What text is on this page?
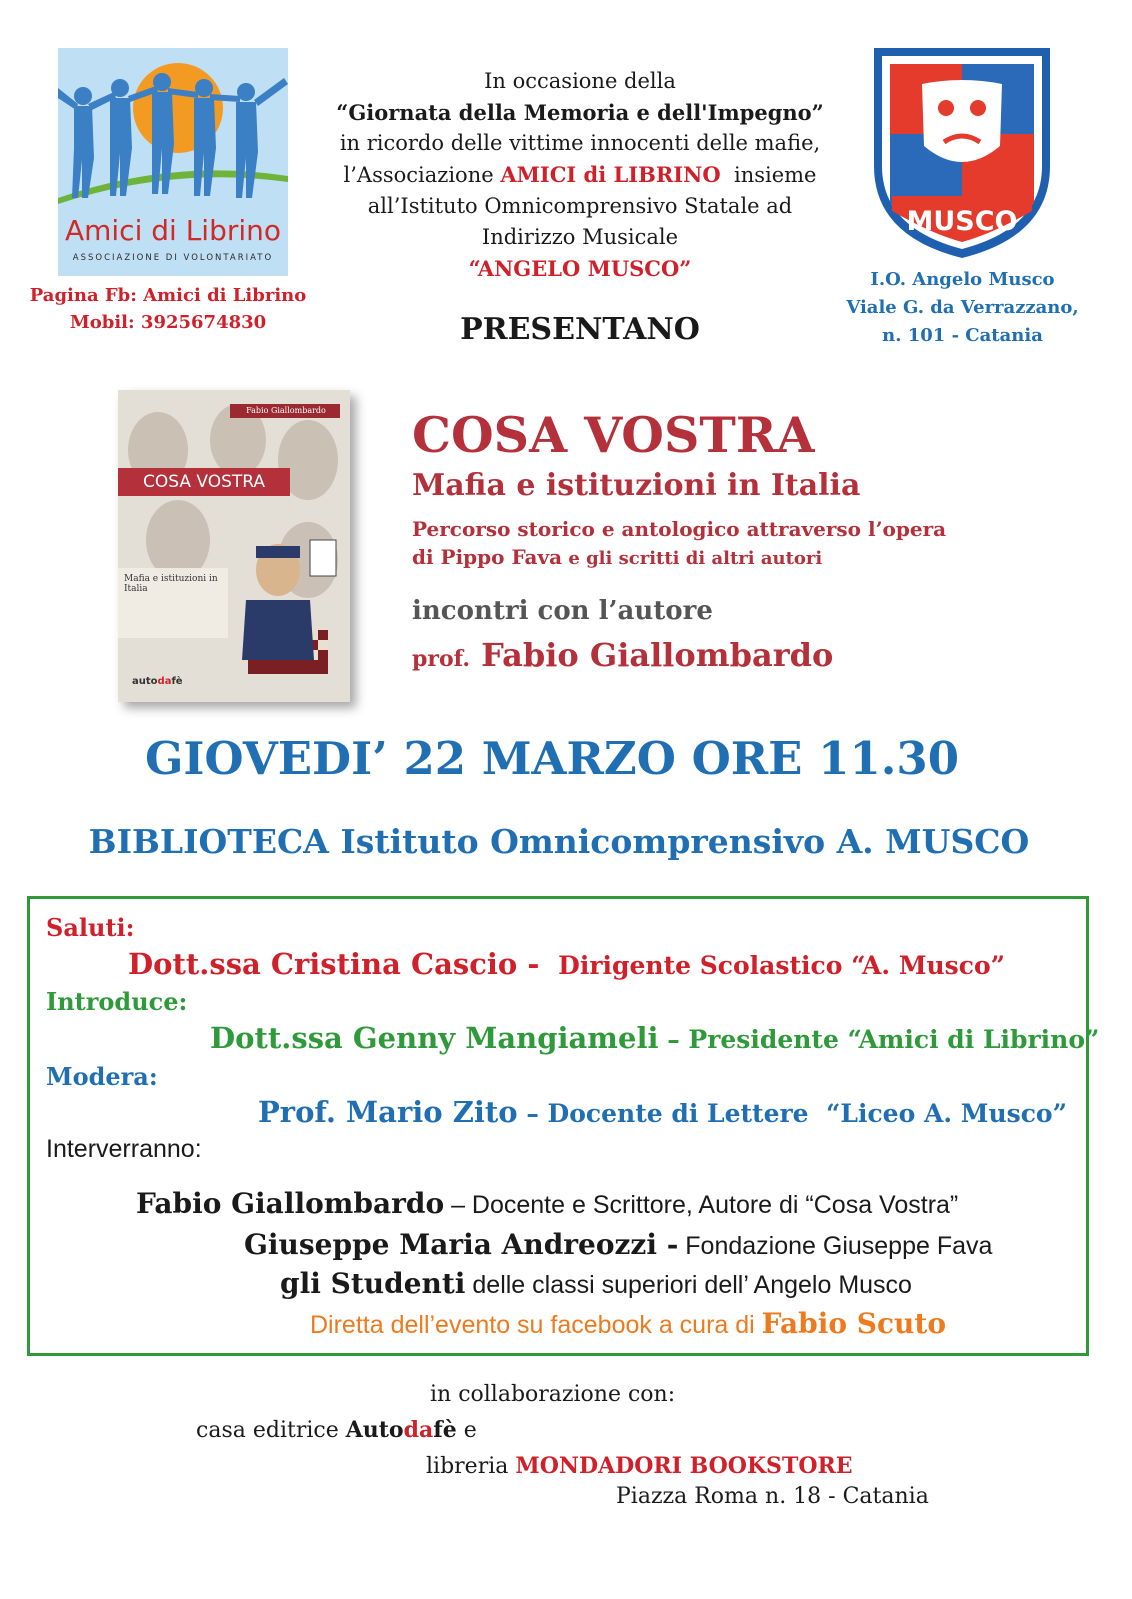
Amici di Librino
ASSOCIAZIONE DI VOLONTARIATO
Pagina Fb: Amici di Librino
Mobil: 3925674830
MUSCO
I.O. Angelo Musco
Viale G. da Verrazzano,
n. 101 - Catania
In occasione della
“Giornata della Memoria e dell'Impegno”
in ricordo delle vittime innocenti delle mafie,
l’Associazione AMICI di LIBRINO  insieme
all’Istituto Omnicomprensivo Statale ad
Indirizzo Musicale
“ANGELO MUSCO”
PRESENTANO
Fabio Giallombardo
COSA VOSTRA
Mafia e istituzioni in Italia
autodafè
COSA VOSTRA
Mafia e istituzioni in Italia
Percorso storico e antologico attraverso l’opera
di Pippo Fava e gli scritti di altri autori
incontri con l’autore
prof. Fabio Giallombardo
GIOVEDI’ 22 MARZO ORE 11.30
BIBLIOTECA Istituto Omnicomprensivo A. MUSCO
Saluti:
Dott.ssa Cristina Cascio -  Dirigente Scolastico “A. Musco”
Introduce:
Dott.ssa Genny Mangiameli – Presidente “Amici di Librino”
Modera:
Prof. Mario Zito – Docente di Lettere  “Liceo A. Musco”
Interverranno:
Fabio Giallombardo – Docente e Scrittore, Autore di “Cosa Vostra”
Giuseppe Maria Andreozzi - Fondazione Giuseppe Fava
gli Studenti delle classi superiori dell’ Angelo Musco
Diretta dell’evento su facebook a cura di Fabio Scuto
in collaborazione con:
casa editrice Autodafè e
libreria MONDADORI BOOKSTORE
Piazza Roma n. 18 - Catania
